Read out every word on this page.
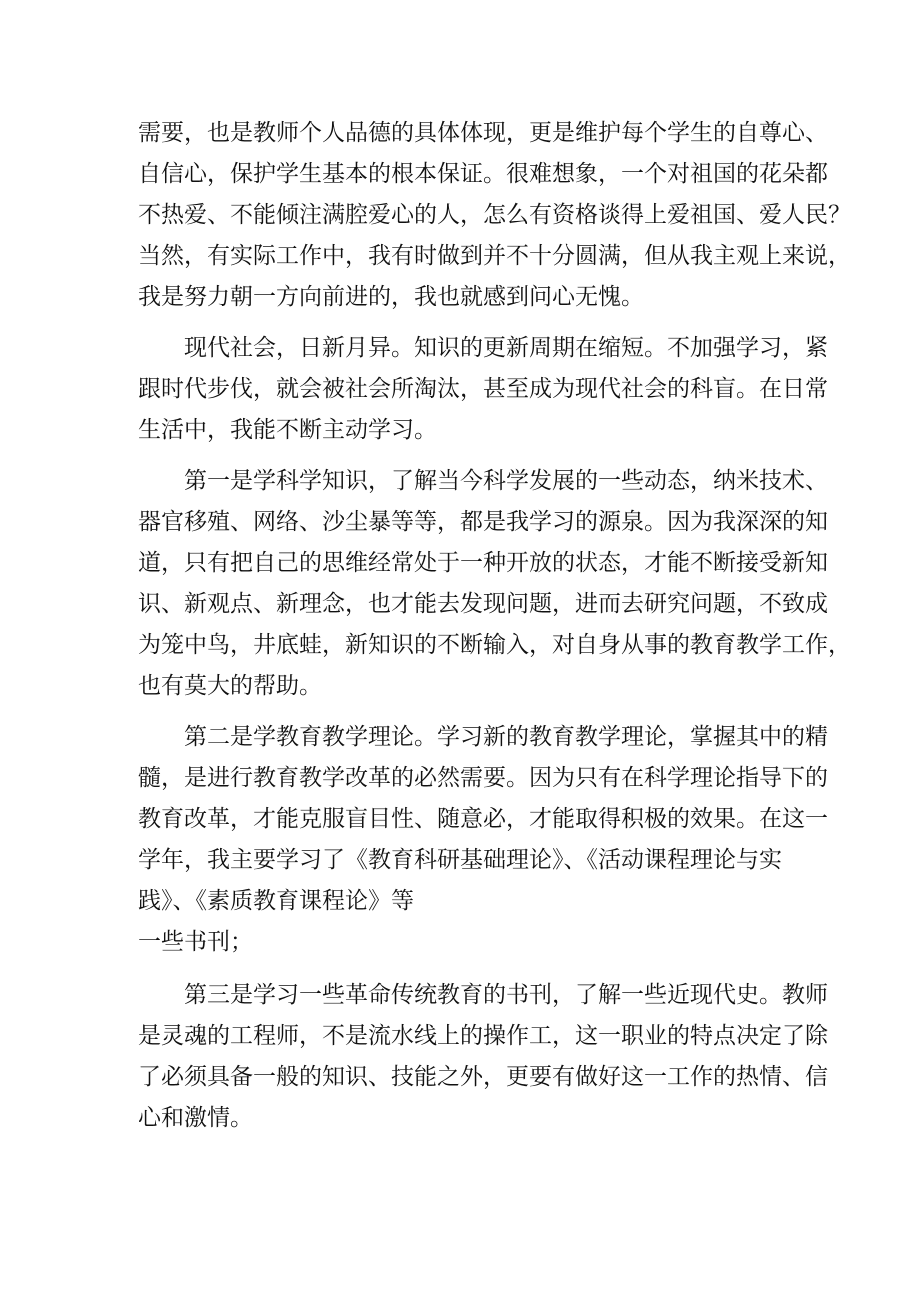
需要，也是教师个人品德的具体体现，更是维护每个学生的自尊心、
自信心，保护学生基本的根本保证。很难想象，一个对祖国的花朵都
不热爱、不能倾注满腔爱心的人，怎么有资格谈得上爱祖国、爱人民？
当然，有实际工作中，我有时做到并不十分圆满，但从我主观上来说，
我是努力朝一方向前进的，我也就感到问心无愧。

现代社会，日新月异。知识的更新周期在缩短。不加强学习，紧
跟时代步伐，就会被社会所淘汰，甚至成为现代社会的科盲。在日常
生活中，我能不断主动学习。

第一是学科学知识，了解当今科学发展的一些动态，纳米技术、
器官移殖、网络、沙尘暴等等，都是我学习的源泉。因为我深深的知
道，只有把自己的思维经常处于一种开放的状态，才能不断接受新知
识、新观点、新理念，也才能去发现问题，进而去研究问题，不致成
为笼中鸟，井底蛙，新知识的不断输入，对自身从事的教育教学工作，
也有莫大的帮助。

第二是学教育教学理论。学习新的教育教学理论，掌握其中的精
髓，是进行教育教学改革的必然需要。因为只有在科学理论指导下的
教育改革，才能克服盲目性、随意必，才能取得积极的效果。在这一
学年，我主要学习了《教育科研基础理论》、《活动课程理论与实
践》、《素质教育课程论》等

一些书刊；

第三是学习一些革命传统教育的书刊，了解一些近现代史。教师
是灵魂的工程师，不是流水线上的操作工，这一职业的特点决定了除
了必须具备一般的知识、技能之外，更要有做好这一工作的热情、信
心和激情。
